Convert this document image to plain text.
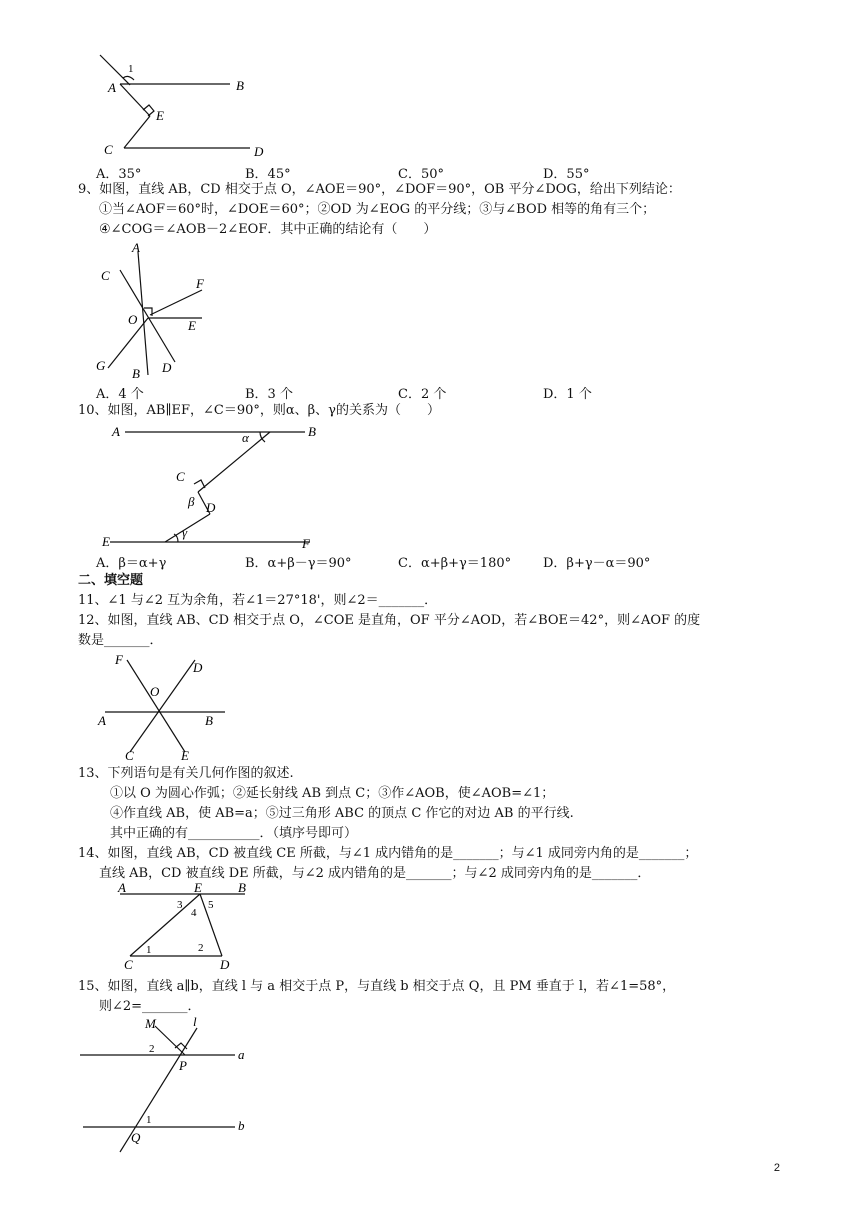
1
A	B
E
C	D
A．35°	B．45°	C．50°	D．55°
9、如图，直线 AB，CD 相交于点 O，∠AOE＝90°，∠DOF＝90°，OB 平分∠DOG，给出下列结论：
①当∠AOF＝60°时，∠DOE＝60°；②OD 为∠EOG 的平分线；③与∠BOD 相等的角有三个；
④∠COG＝∠AOB－2∠EOF．其中正确的结论有（　　）
A
C
F
O	E
G
B D
A．4 个	B．3 个	C．2 个	D．1 个
10、如图，AB∥EF，∠C＝90°，则α、β、γ的关系为（　　）
A	B
α
C
β D
E
γ
F
A．β＝α+γ	B．α+β－γ＝90°	C．α+β+γ＝180° D．β+γ－α＝90°
二、填空题
11、∠1 与∠2 互为余角，若∠1＝27°18'，则∠2＝_______．
12、如图，直线 AB、CD 相交于点 O，∠COE 是直角，OF 平分∠AOD，若∠BOE＝42°，则∠AOF 的度
数是_______．
F
D
O
A	B
C	E
13、下列语句是有关几何作图的叙述.
①以 O 为圆心作弧；②延长射线 AB 到点 C；③作∠AOB，使∠AOB=∠1；
④作直线 AB，使 AB=a；⑤过三角形 ABC 的顶点 C 作它的对边 AB 的平行线.
其中正确的有___________．（填序号即可）
14、如图，直线 AB，CD 被直线 CE 所截，与∠1 成内错角的是_______；与∠1 成同旁内角的是_______；
直线 AB，CD 被直线 DE 所截，与∠2 成内错角的是_______；与∠2 成同旁内角的是_______．
A	E	B
3
4
5
1	2
C	D
15、如图，直线 a∥b，直线 l 与 a 相交于点 P，与直线 b 相交于点 Q，且 PM 垂直于 l，若∠1=58°，
则∠2=_______．
M	l
2	a
P
1	b
Q
2
